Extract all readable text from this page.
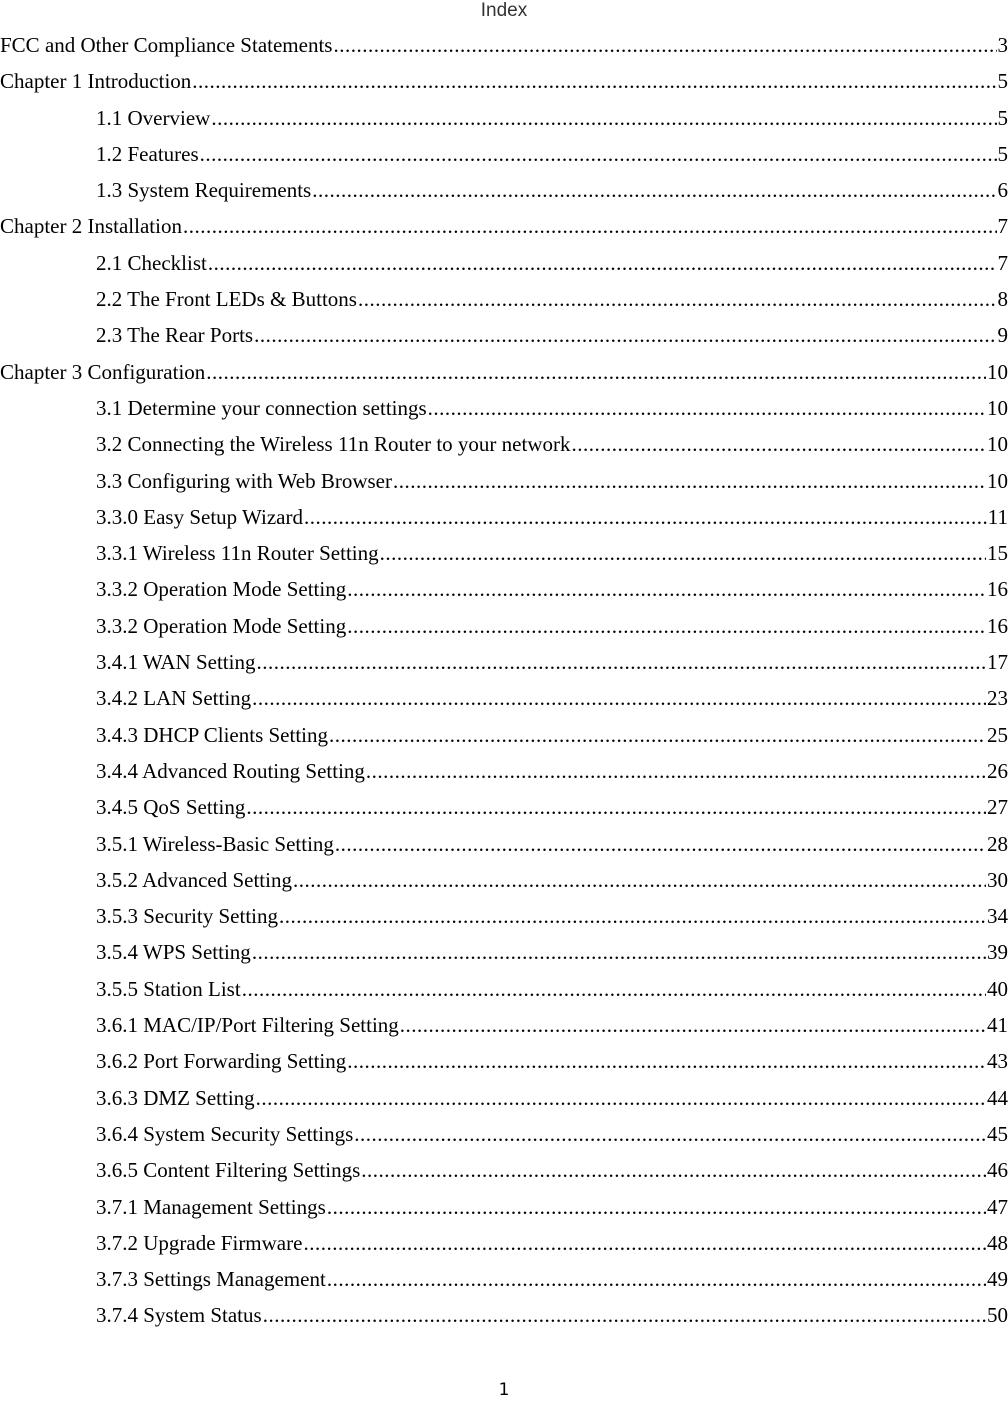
Index
FCC and Other Compliance Statements .....	3
Chapter 1 Introduction .....	5
1.1 Overview .....	5
1.2 Features .....	5
1.3 System Requirements .....	6
Chapter 2 Installation .....	7
2.1 Checklist .....	7
2.2 The Front LEDs & Buttons .....	8
2.3 The Rear Ports .....	9
Chapter 3 Configuration .....	10
3.1 Determine your connection settings .....	10
3.2 Connecting the Wireless 11n Router to your network .....	10
3.3 Configuring with Web Browser .....	10
3.3.0 Easy Setup Wizard .....	11
3.3.1 Wireless 11n Router Setting .....	15
3.3.2 Operation Mode Setting .....	16
3.3.2 Operation Mode Setting .....	16
3.4.1 WAN Setting .....	17
3.4.2 LAN Setting .....	23
3.4.3 DHCP Clients Setting .....	25
3.4.4 Advanced Routing Setting .....	26
3.4.5 QoS Setting .....	27
3.5.1 Wireless-Basic Setting .....	28
3.5.2 Advanced Setting .....	30
3.5.3 Security Setting .....	34
3.5.4 WPS Setting .....	39
3.5.5 Station List .....	40
3.6.1 MAC/IP/Port Filtering Setting .....	41
3.6.2 Port Forwarding Setting .....	43
3.6.3 DMZ Setting .....	44
3.6.4 System Security Settings .....	45
3.6.5 Content Filtering Settings .....	46
3.7.1 Management Settings .....	47
3.7.2 Upgrade Firmware .....	48
3.7.3 Settings Management .....	49
3.7.4 System Status .....	50
1
